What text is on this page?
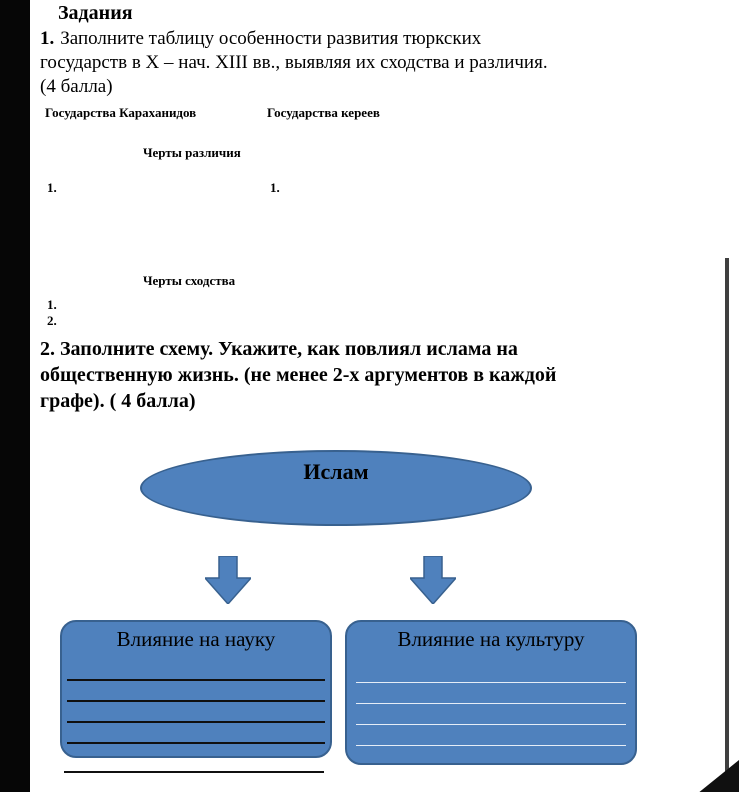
Задания
1. Заполните таблицу особенности развития тюркских
государств в X – нач. XIII вв., выявляя их сходства и различия.
(4 балла)
Государства Караханидов	Государства кереев
Черты различия
1.	1.
Черты сходства
1.
2.
2. Заполните схему. Укажите, как повлиял ислама на
общественную жизнь. (не менее 2-х аргументов в каждой
графе). ( 4 балла)
Ислам
Влияние на науку	Влияние на культуру
